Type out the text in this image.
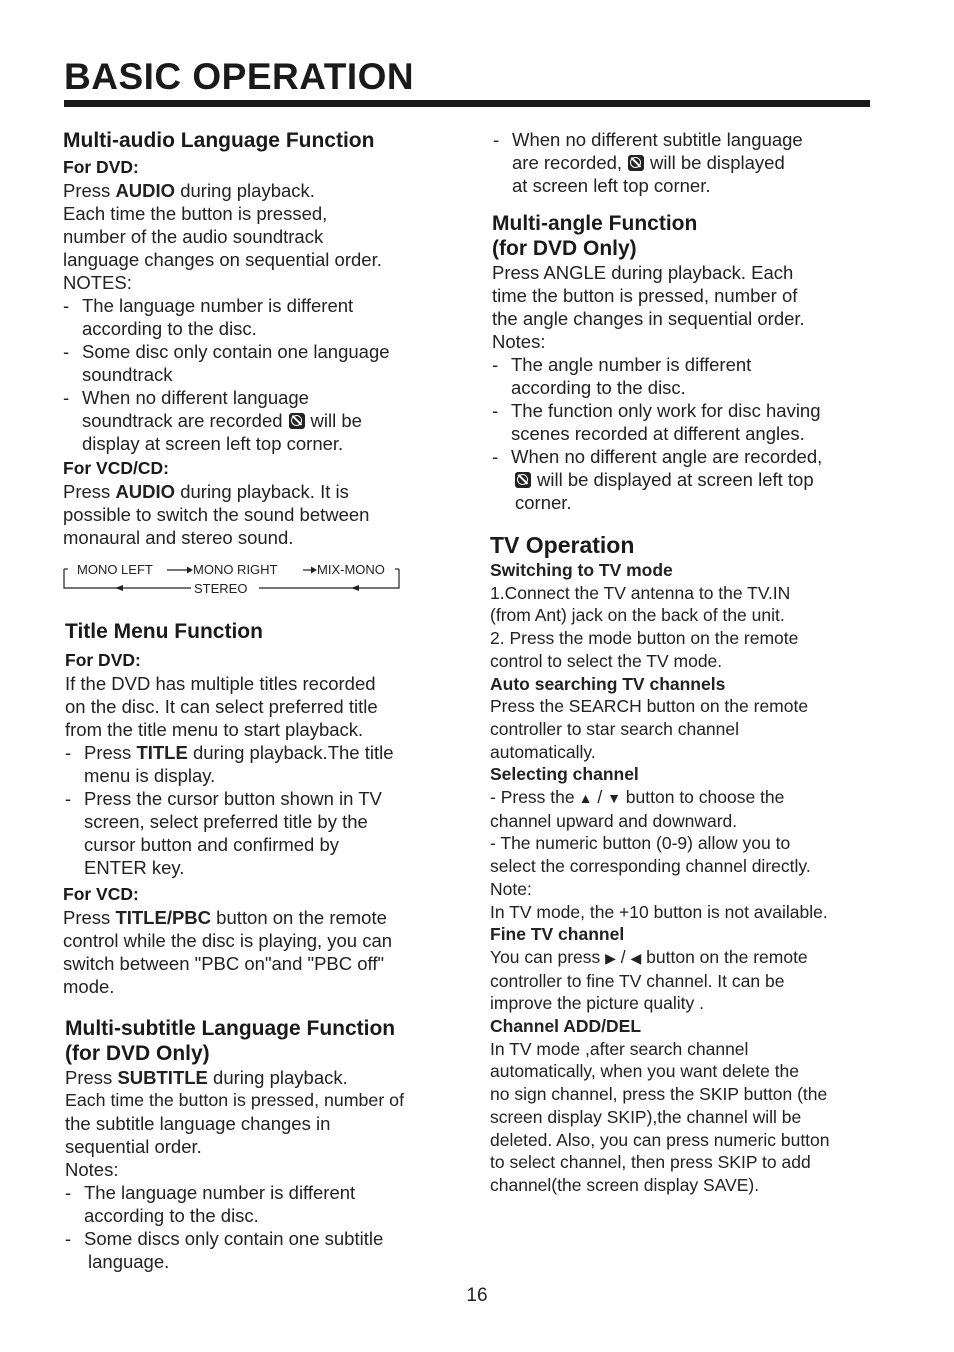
BASIC OPERATION
Multi-audio Language Function
For DVD:

Press AUDIO during playback.

Each time the button is pressed,

number of the audio soundtrack

language changes on sequential order.

NOTES:

- The language number is different
according to the disc.
- Some disc only contain one language
soundtrack
- When no different language
soundtrack are recorded will be
display at screen left top corner.
For VCD/CD:

Press AUDIO during playback. It is

possible to switch the sound between

monaural and stereo sound.

MONO LEFT	MONO RIGHT	MIX-MONO
STEREO
Title Menu Function
For DVD:

If the DVD has multiple titles recorded

on the disc. It can select preferred title

from the title menu to start playback.

- Press TITLE during playback.The title
menu is display.
- Press the cursor button shown in TV
screen, select preferred title by the
cursor button and confirmed by
ENTER key.
For VCD:

Press TITLE/PBC button on the remote

control while the disc is playing, you can

switch between "PBC on"and "PBC off"

mode.

Multi-subtitle Language Function
(for DVD Only)

Press SUBTITLE during playback.

Each time the button is pressed, number of

the subtitle language changes in

sequential order.

Notes:

- The language number is different
according to the disc.
- Some discs only contain one subtitle
language.
- When no different subtitle language
are recorded, will be displayed
at screen left top corner.
Multi-angle Function
(for DVD Only)

Press ANGLE during playback. Each

time the button is pressed, number of

the angle changes in sequential order.

Notes:

- The angle number is different
according to the disc.
- The function only work for disc having
scenes recorded at different angles.
- When no different angle are recorded,
will be displayed at screen left top
corner.
TV Operation
Switching to TV mode

1.Connect the TV antenna to the TV.IN

(from Ant) jack on the back of the unit.

2. Press the mode button on the remote

control to select the TV mode.

Auto searching TV channels

Press the SEARCH button on the remote

controller to star search channel

automatically.

Selecting channel

- Press the ▲ / ▼ button to choose the

channel upward and downward.

- The numeric button (0-9) allow you to

select the corresponding channel directly.

Note:

In TV mode, the +10 button is not available.

Fine TV channel

You can press ▶ / ◀ button on the remote

controller to fine TV channel. It can be

improve the picture quality .

Channel ADD/DEL

In TV mode ,after search channel

automatically, when you want delete the

no sign channel, press the SKIP button (the

screen display SKIP),the channel will be

deleted. Also, you can press numeric button

to select channel, then press SKIP to add

channel(the screen display SAVE).

16
